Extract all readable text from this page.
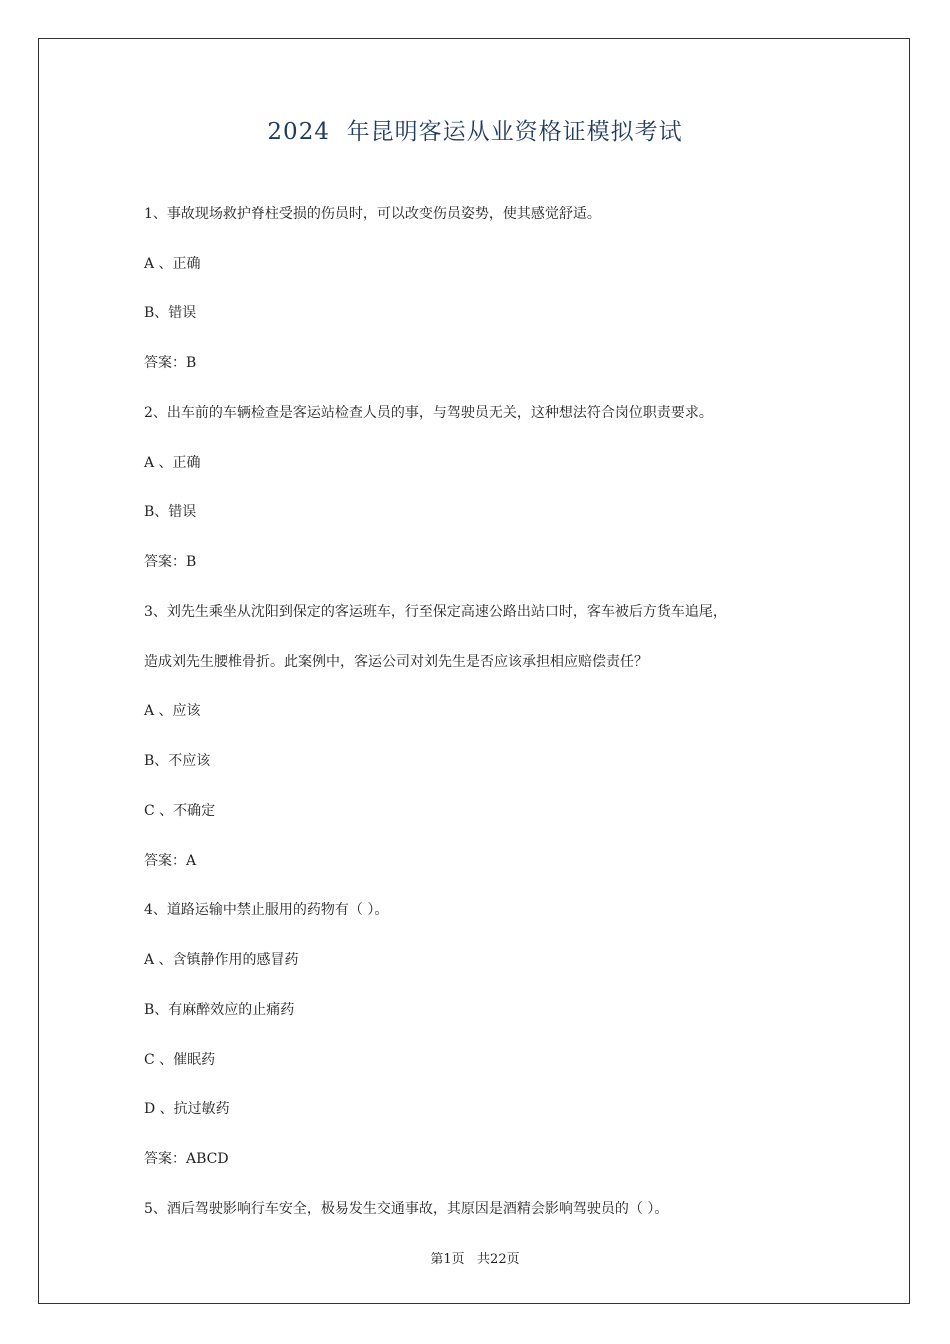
2024  年昆明客运从业资格证模拟考试
1、事故现场救护脊柱受损的伤员时，可以改变伤员姿势，使其感觉舒适。
A 、正确
B、错误
答案：B
2、出车前的车辆检查是客运站检查人员的事，与驾驶员无关，这种想法符合岗位职责要求。
A 、正确
B、错误
答案：B
3、刘先生乘坐从沈阳到保定的客运班车，行至保定高速公路出站口时，客车被后方货车追尾，
造成刘先生腰椎骨折。此案例中，客运公司对刘先生是否应该承担相应赔偿责任？
A 、应该
B、不应该
C 、不确定
答案：A
4、道路运输中禁止服用的药物有（ ）。
A 、含镇静作用的感冒药
B、有麻醉效应的止痛药
C 、催眠药
D 、抗过敏药
答案：ABCD
5、酒后驾驶影响行车安全，极易发生交通事故，其原因是酒精会影响驾驶员的（ ）。
第1页   共22页
